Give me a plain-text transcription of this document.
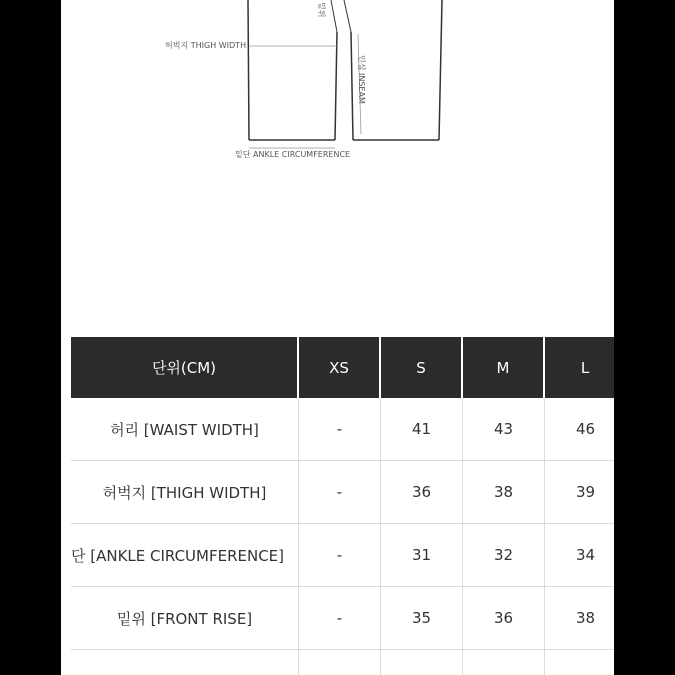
허벅지 THIGH WIDTH
인심 INSEAM
밑단 ANKLE CIRCUMFERENCE
밑위
단위(CM)	XS	S	M	L
허리 [WAIST WIDTH]	-	41	43	46
허벅지 [THIGH WIDTH]	-	36	38	39
단 [ANKLE CIRCUMFERENCE]	-	31	32	34
밑위 [FRONT RISE]	-	35	36	38
